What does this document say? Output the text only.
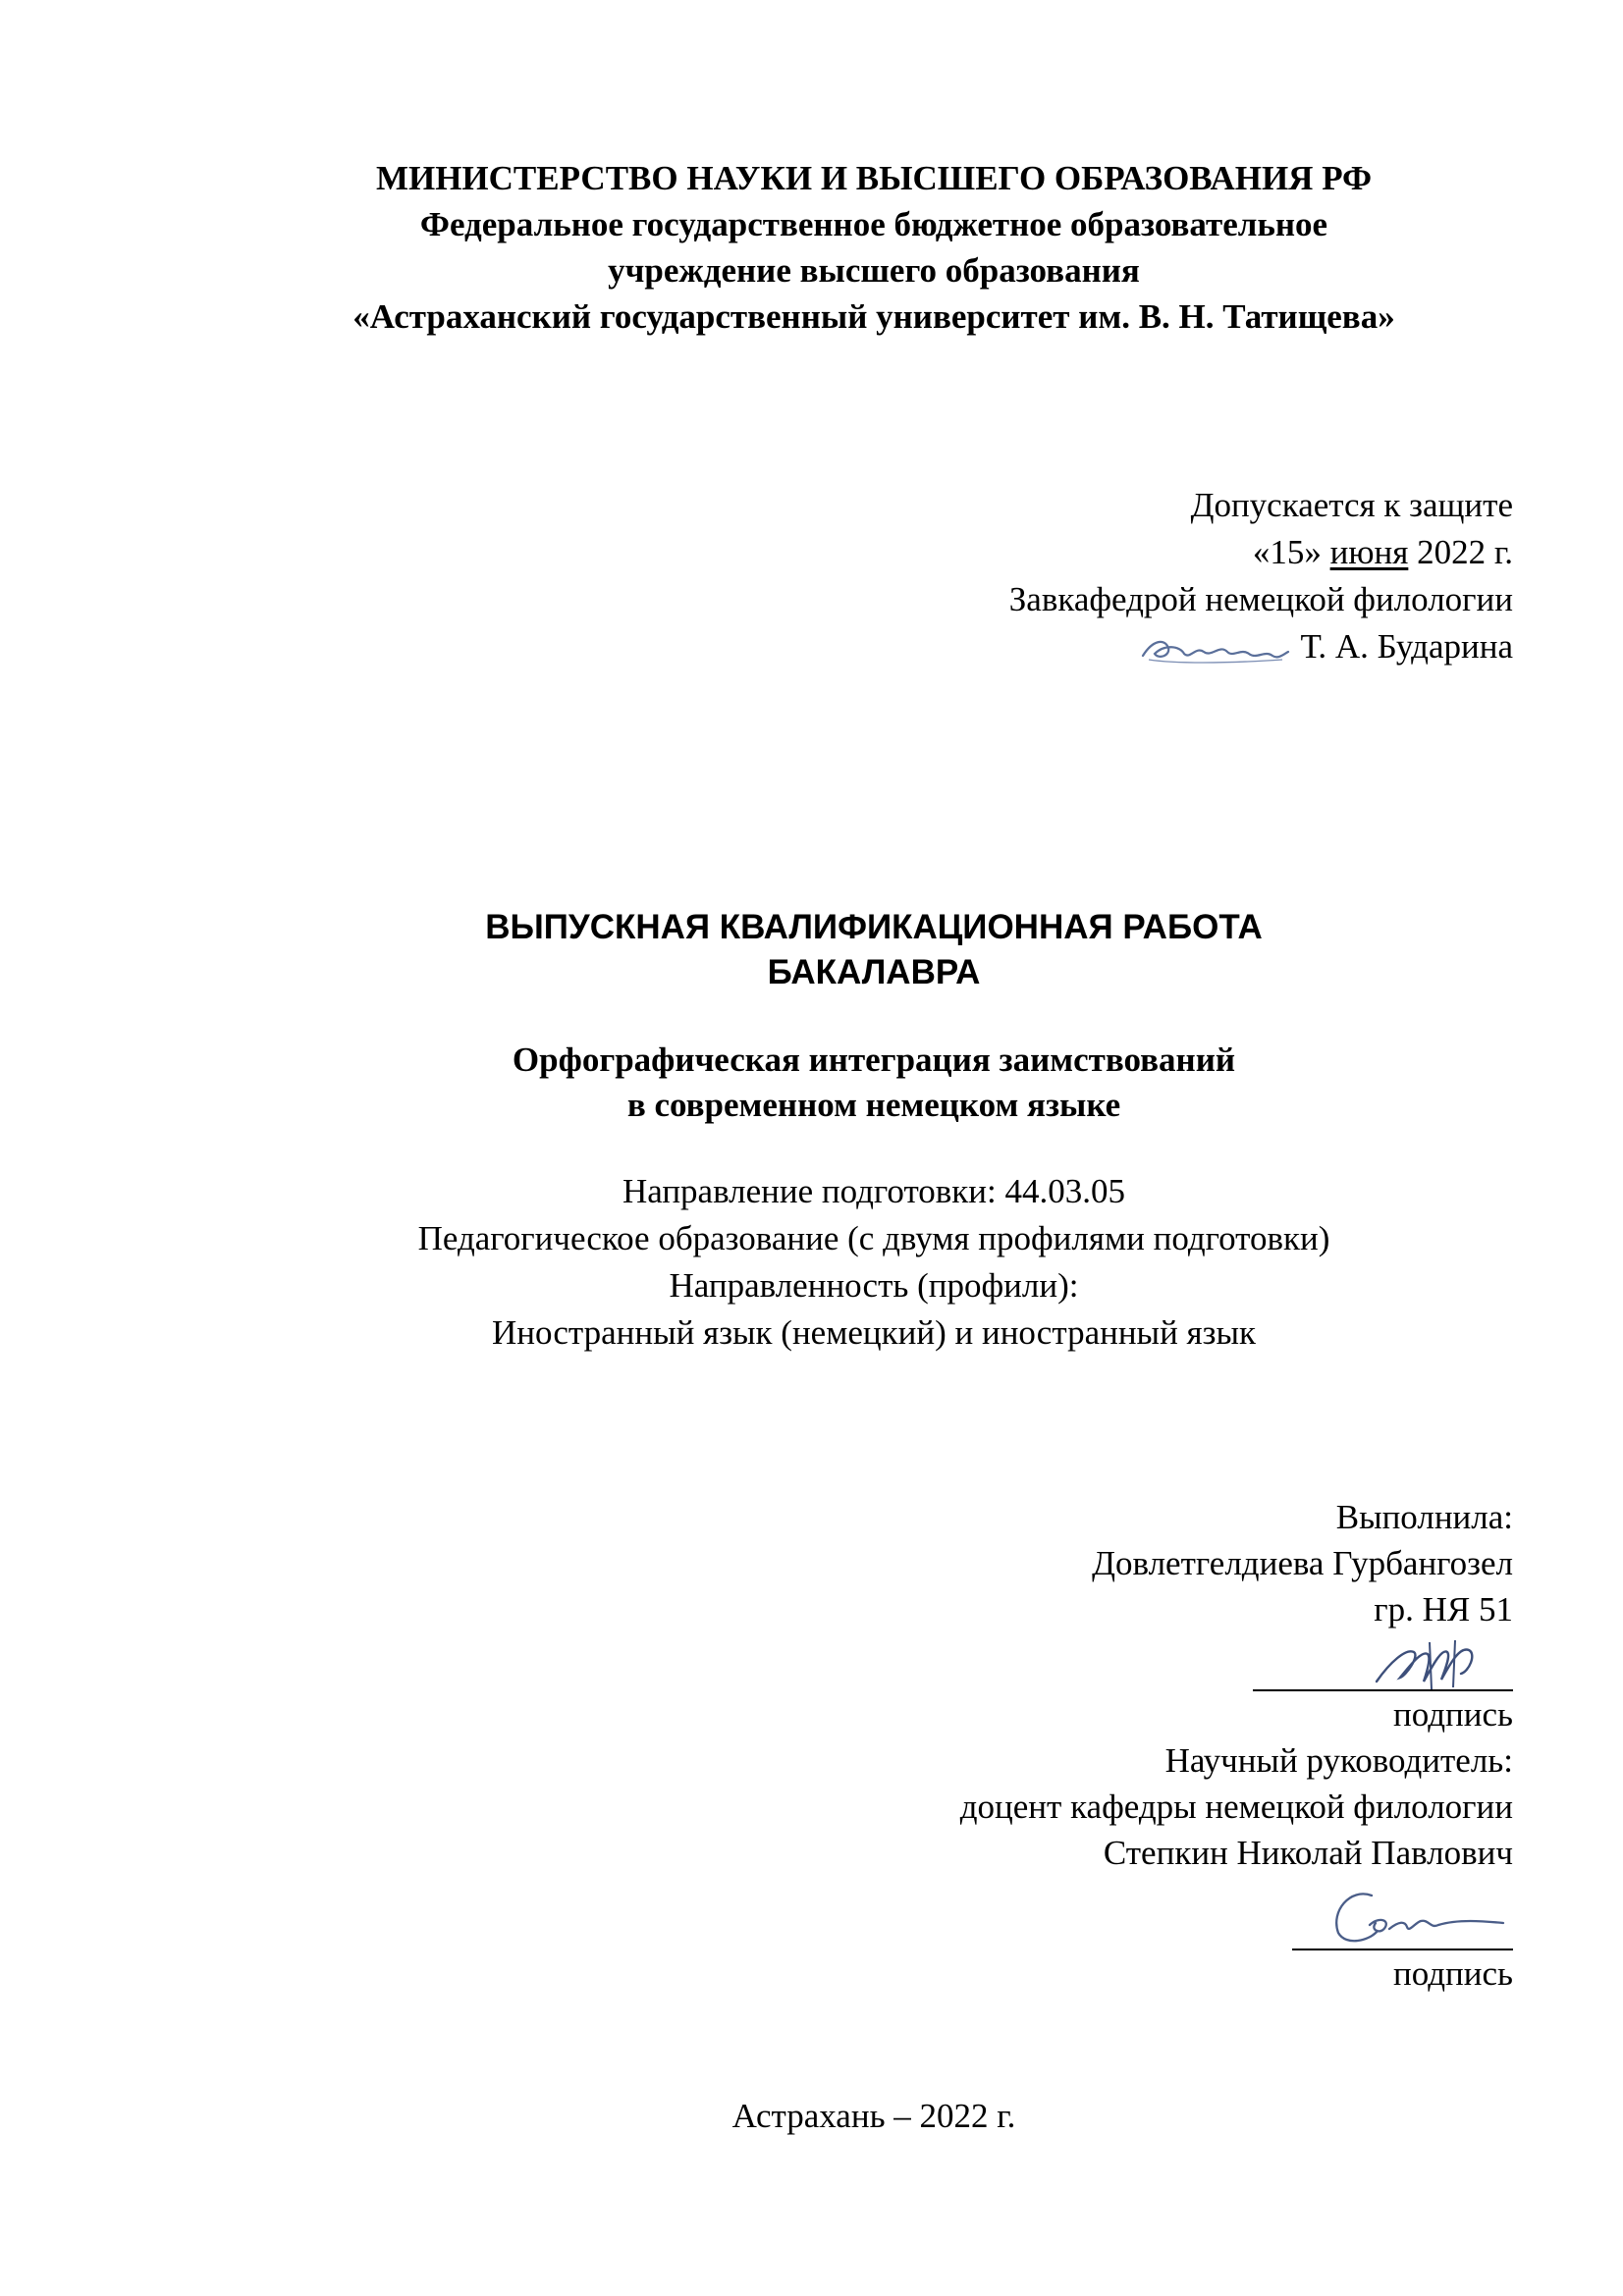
МИНИСТЕРСТВО НАУКИ И ВЫСШЕГО ОБРАЗОВАНИЯ РФ
Федеральное государственное бюджетное образовательное
учреждение высшего образования
«Астраханский государственный университет им. В. Н. Татищева»
Допускается к защите
«15» июня 2022 г.
Завкафедрой немецкой филологии
Т. А. Бударина
ВЫПУСКНАЯ КВАЛИФИКАЦИОННАЯ РАБОТА
БАКАЛАВРА
Орфографическая интеграция заимствований
в современном немецком языке
Направление подготовки: 44.03.05
Педагогическое образование (с двумя профилями подготовки)
Направленность (профили):
Иностранный язык (немецкий) и иностранный язык
Выполнила:
Довлетгелдиева Гурбангозел
гр. НЯ 51
подпись
Научный руководитель:
доцент кафедры немецкой филологии
Степкин Николай Павлович
подпись
Астрахань – 2022 г.
